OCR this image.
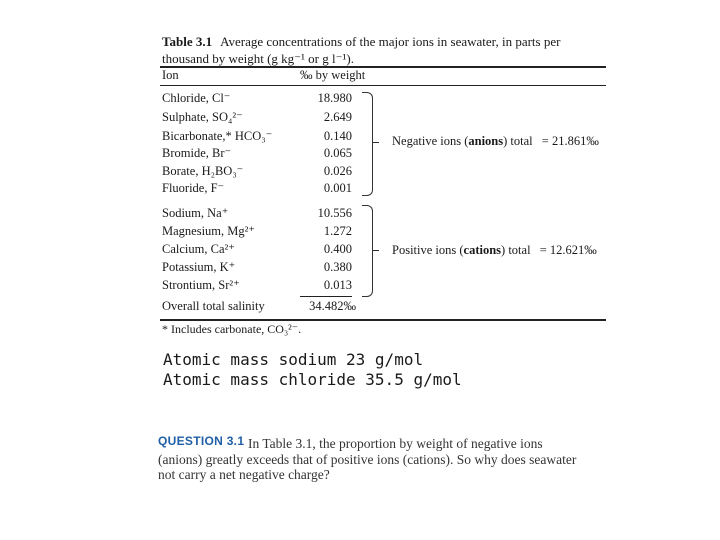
Table 3.1 Average concentrations of the major ions in seawater, in parts per thousand by weight (g kg⁻¹ or g l⁻¹).
Ion	‰ by weight
Chloride, Cl⁻	18.980
Sulphate, SO₄²⁻	2.649
Bicarbonate,* HCO₃⁻	0.140
Bromide, Br⁻	0.065
Borate, H₂BO₃⁻	0.026
Fluoride, F⁻	0.001
Negative ions (anions) total = 21.861‰
Sodium, Na⁺	10.556
Magnesium, Mg²⁺	1.272
Calcium, Ca²⁺	0.400
Potassium, K⁺	0.380
Strontium, Sr²⁺	0.013
Positive ions (cations) total = 12.621‰
Overall total salinity	34.482‰
* Includes carbonate, CO₃²⁻.
Atomic mass sodium 23 g/mol
Atomic mass chloride 35.5 g/mol
QUESTION 3.1 In Table 3.1, the proportion by weight of negative ions (anions) greatly exceeds that of positive ions (cations). So why does seawater not carry a net negative charge?
